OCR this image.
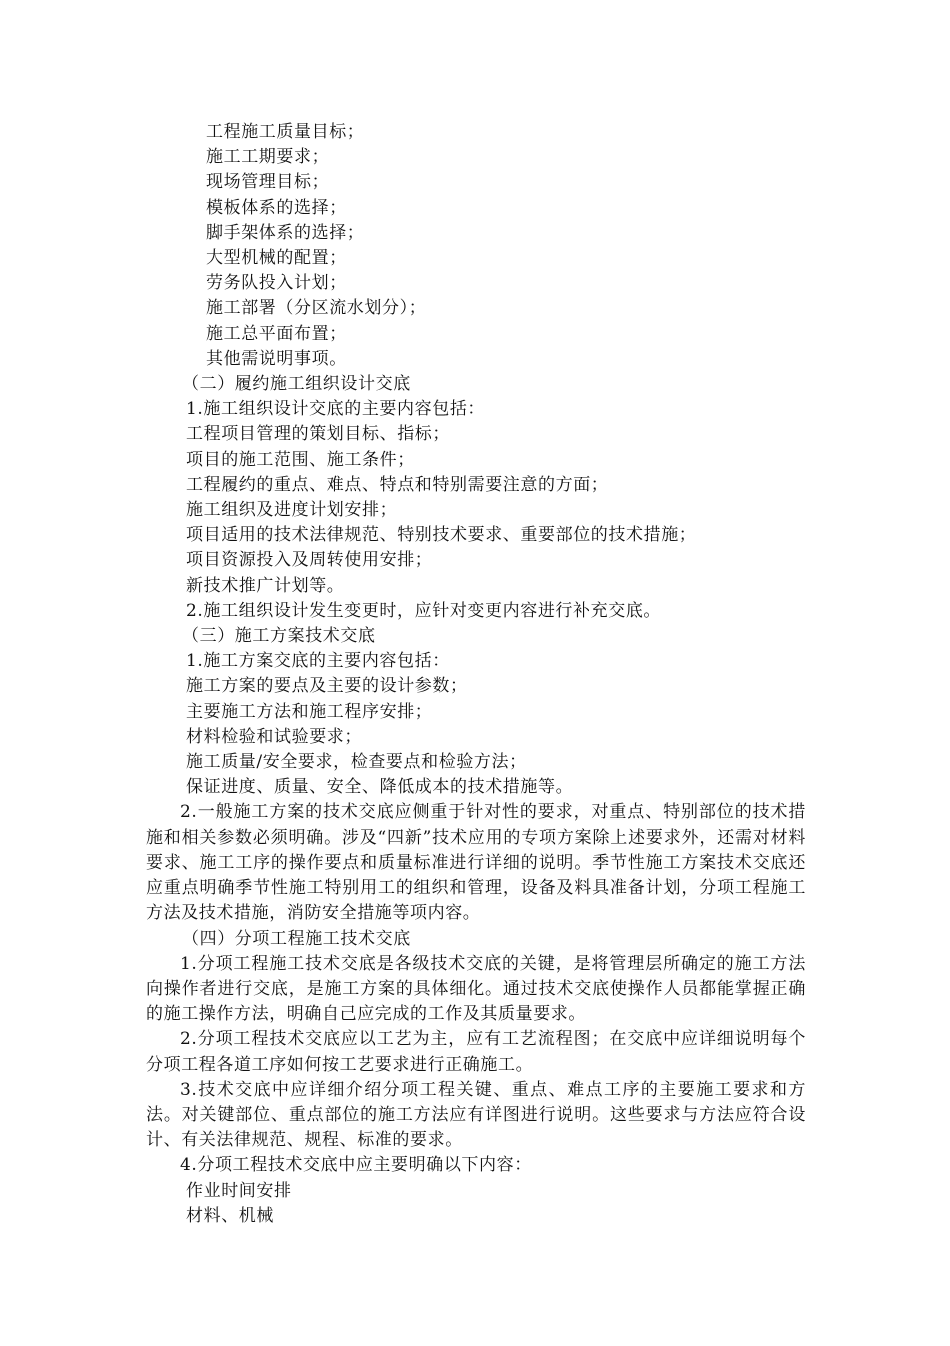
工程施工质量目标；

施工工期要求；

现场管理目标；

模板体系的选择；

脚手架体系的选择；

大型机械的配置；

劳务队投入计划；

施工部署（分区流水划分）；

施工总平面布置；

其他需说明事项。

（二）履约施工组织设计交底

1.施工组织设计交底的主要内容包括：

工程项目管理的策划目标、指标；

项目的施工范围、施工条件；

工程履约的重点、难点、特点和特别需要注意的方面；

施工组织及进度计划安排；

项目适用的技术法律规范、特别技术要求、重要部位的技术措施；

项目资源投入及周转使用安排；

新技术推广计划等。

2.施工组织设计发生变更时，应针对变更内容进行补充交底。

（三）施工方案技术交底

1.施工方案交底的主要内容包括：

施工方案的要点及主要的设计参数；

主要施工方法和施工程序安排；

材料检验和试验要求；

施工质量/安全要求，检查要点和检验方法；

保证进度、质量、安全、降低成本的技术措施等。

2.一般施工方案的技术交底应侧重于针对性的要求，对重点、特别部位的技术措施和相关参数必须明确。涉及“四新”技术应用的专项方案除上述要求外，还需对材料要求、施工工序的操作要点和质量标准进行详细的说明。季节性施工方案技术交底还应重点明确季节性施工特别用工的组织和管理，设备及料具准备计划，分项工程施工方法及技术措施，消防安全措施等项内容。

（四）分项工程施工技术交底

1.分项工程施工技术交底是各级技术交底的关键，是将管理层所确定的施工方法向操作者进行交底，是施工方案的具体细化。通过技术交底使操作人员都能掌握正确的施工操作方法，明确自己应完成的工作及其质量要求。

2.分项工程技术交底应以工艺为主，应有工艺流程图；在交底中应详细说明每个分项工程各道工序如何按工艺要求进行正确施工。

3.技术交底中应详细介绍分项工程关键、重点、难点工序的主要施工要求和方法。对关键部位、重点部位的施工方法应有详图进行说明。这些要求与方法应符合设计、有关法律规范、规程、标准的要求。

4.分项工程技术交底中应主要明确以下内容：

作业时间安排

材料、机械
